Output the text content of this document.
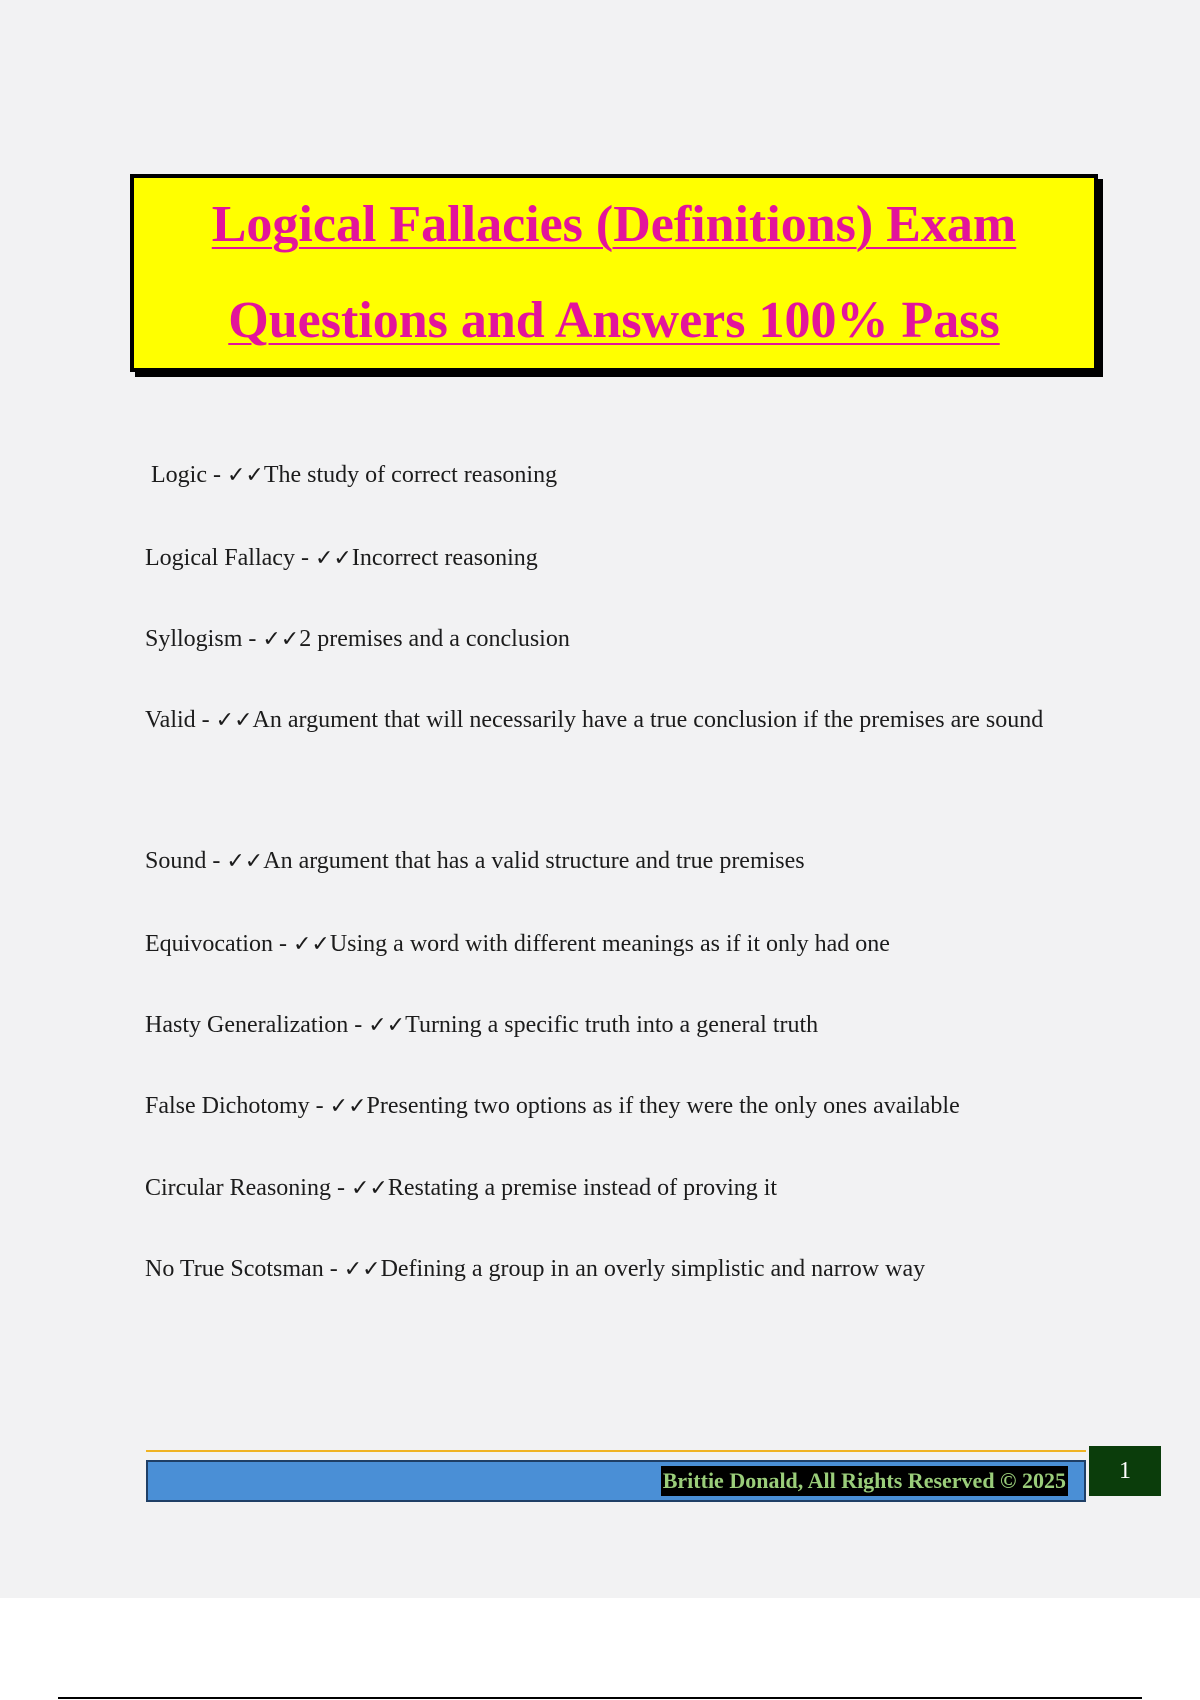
Logical Fallacies (Definitions) Exam
Questions and Answers 100% Pass
Logic - ✓✓The study of correct reasoning
Logical Fallacy - ✓✓Incorrect reasoning
Syllogism - ✓✓2 premises and a conclusion
Valid - ✓✓An argument that will necessarily have a true conclusion if the premises are sound
Sound - ✓✓An argument that has a valid structure and true premises
Equivocation - ✓✓Using a word with different meanings as if it only had one
Hasty Generalization - ✓✓Turning a specific truth into a general truth
False Dichotomy - ✓✓Presenting two options as if they were the only ones available
Circular Reasoning - ✓✓Restating a premise instead of proving it
No True Scotsman - ✓✓Defining a group in an overly simplistic and narrow way
Brittie Donald, All Rights Reserved © 2025	1
